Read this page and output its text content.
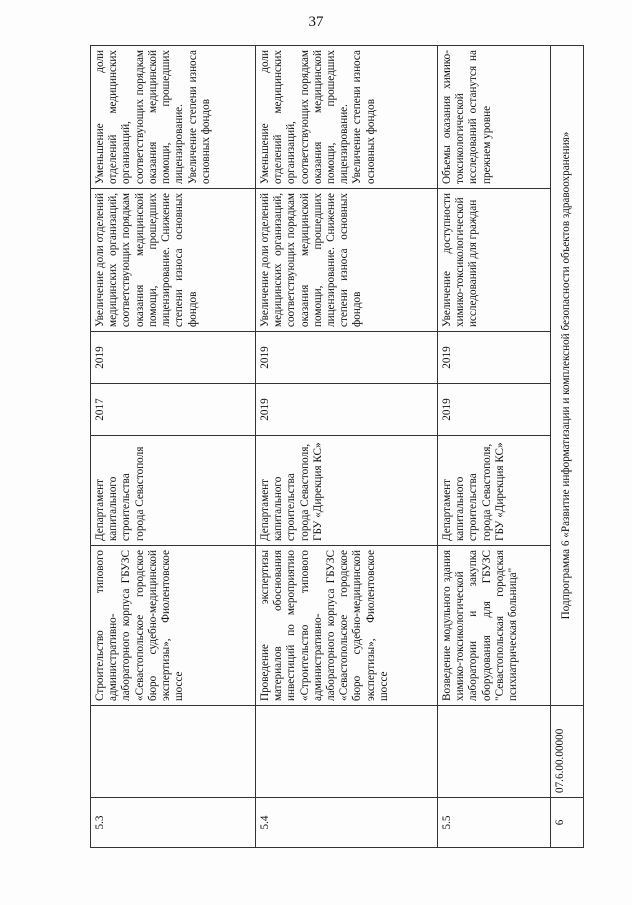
37
5.3		Строительство типового административно-лабораторного корпуса ГБУЗС «Севастопольское городское бюро судебно-медицинской экспертизы», Фиолентовское шоссе	Департамент капитального строительства города Севастополя	2017	2019	Увеличение доли отделений медицинских организаций, соответствующих порядкам оказания медицинской помощи, прошедших лицензирование. Снижение степени износа основных фондов	Уменьшение доли отделений медицинских организаций, соответствующих порядкам оказания медицинской помощи, прошедших лицензирование. Увеличение степени износа основных фондов
5.4		Проведение экспертизы материалов обоснования инвестиций по мероприятию «Строительство типового административно-лабораторного корпуса ГБУЗС «Севастопольское городское бюро судебно-медицинской экспертизы», Фиолентовское шоссе	Департамент капитального строительства города Севастополя, ГБУ «Дирекция КС»	2019	2019	Увеличение доли отделений медицинских организаций, соответствующих порядкам оказания медицинской помощи, прошедших лицензирование. Снижение степени износа основных фондов	Уменьшение доли отделений медицинских организаций, соответствующих порядкам оказания медицинской помощи, прошедших лицензирование. Увеличение степени износа основных фондов
5.5		Возведение модульного здания химико-токсикологической лаборатории и закупка оборудования для ГБУЗС "Севастопольская городская психиатрическая больница"	Департамент капитального строительства города Севастополя, ГБУ «Дирекция КС»	2019	2019	Увеличение доступности химико-токсикологической исследований для граждан	Объемы оказания химико-токсикологической исследований останутся на прежнем уровне
6	07.6.00.00000	Подпрограмма 6 «Развитие информатизации и комплексной безопасности объектов здравоохранения»					
